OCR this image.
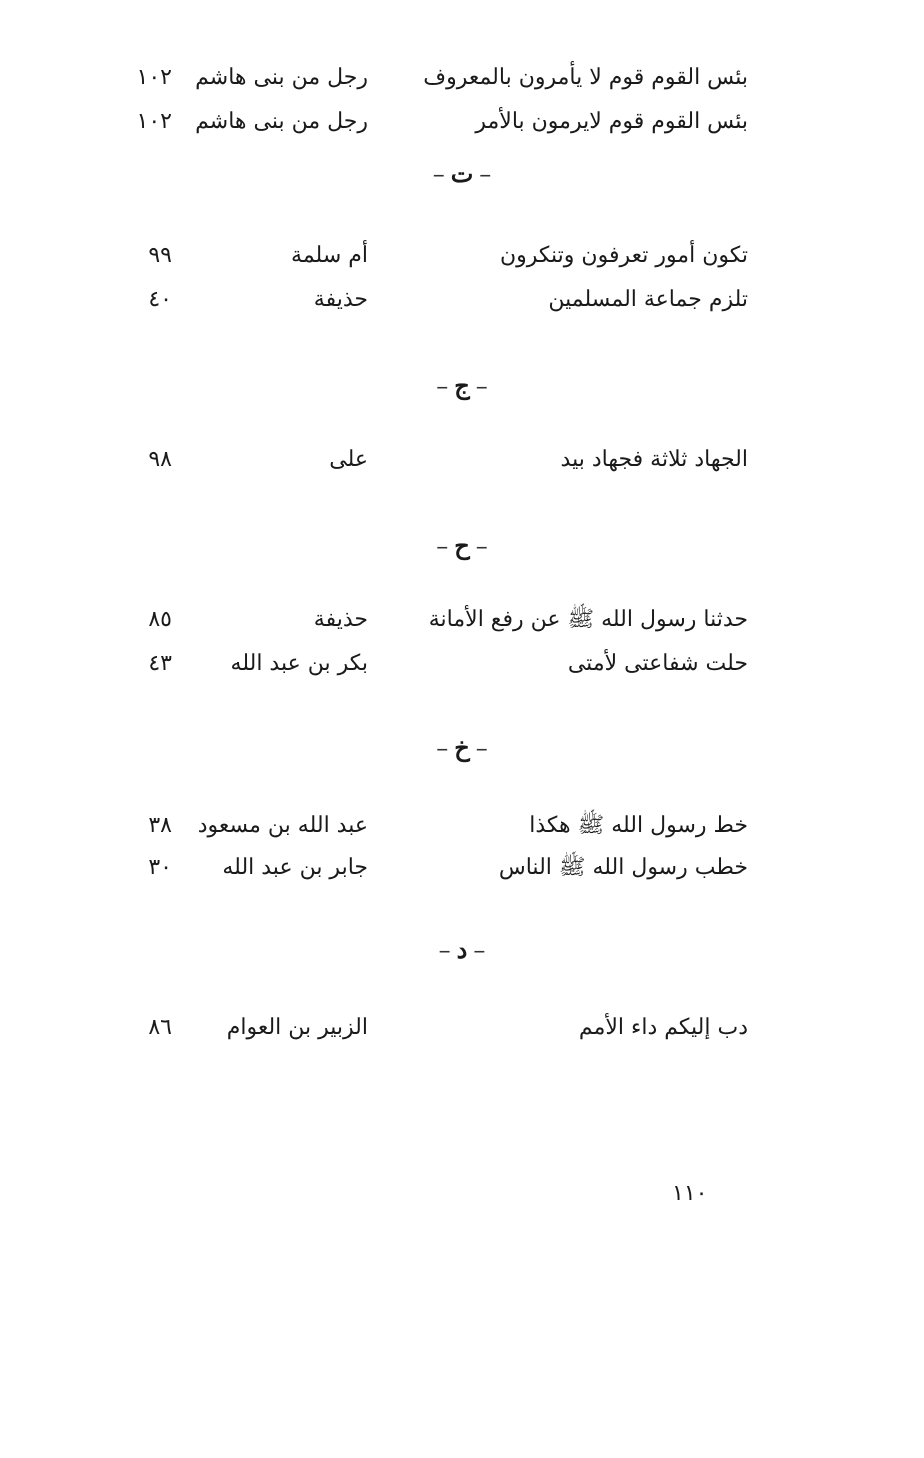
بئس القوم قوم لا يأمرون بالمعروف
رجل من بنى هاشم
١٠٢
بئس القوم قوم لايرمون بالأمر
رجل من بنى هاشم
١٠٢
–ت–
تكون أمور تعرفون وتنكرون
أم سلمة
٩٩
تلزم جماعة المسلمين
حذيفة
٤٠
–ج–
الجهاد ثلاثة فجهاد بيد
على
٩٨
–ح–
حدثنا رسول الله ﷺ عن رفع الأمانة
حذيفة
٨٥
حلت شفاعتى لأمتى
بكر بن عبد الله
٤٣
–خ–
خط رسول الله ﷺ هكذا
عبد الله بن مسعود
٣٨
خطب رسول الله ﷺ الناس
جابر بن عبد الله
٣٠
–د–
دب إليكم داء الأمم
الزبير بن العوام
٨٦
١١٠
